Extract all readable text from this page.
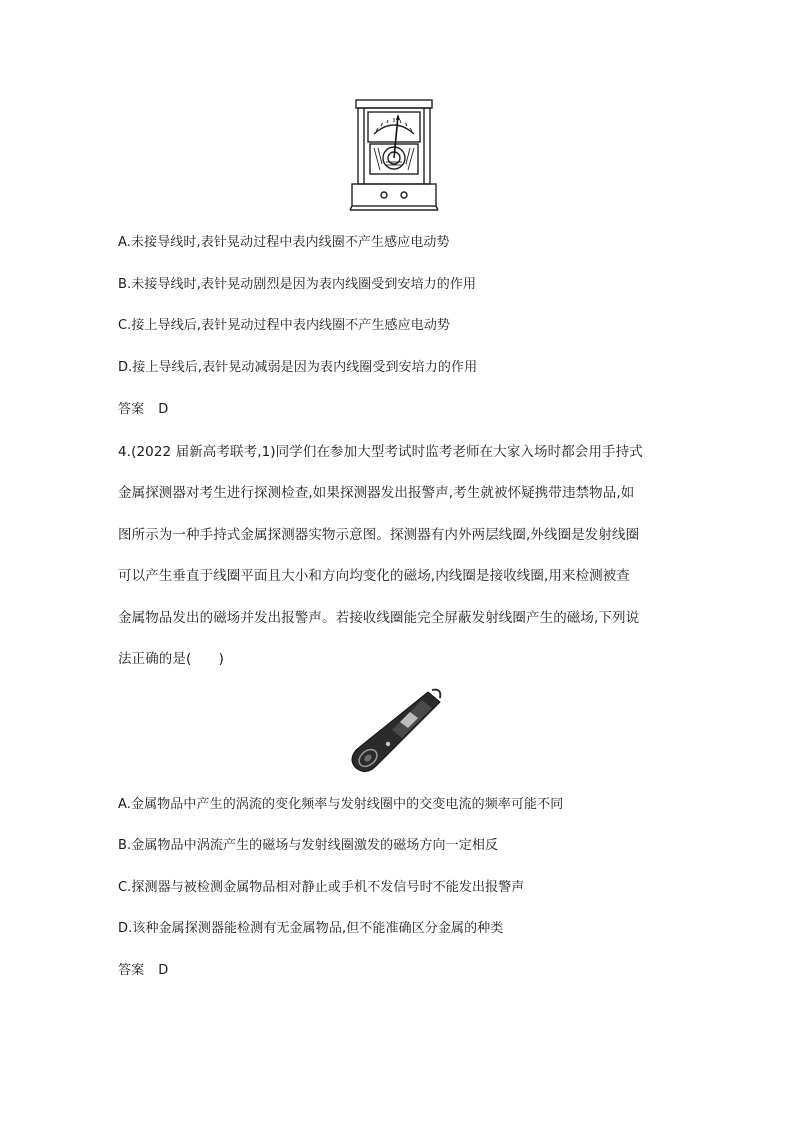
A.未接导线时,表针晃动过程中表内线圈不产生感应电动势
B.未接导线时,表针晃动剧烈是因为表内线圈受到安培力的作用
C.接上导线后,表针晃动过程中表内线圈不产生感应电动势
D.接上导线后,表针晃动减弱是因为表内线圈受到安培力的作用
答案 D
4.(2022 届新高考联考,1)同学们在参加大型考试时监考老师在大家入场时都会用手持式
金属探测器对考生进行探测检查,如果探测器发出报警声,考生就被怀疑携带违禁物品,如
图所示为一种手持式金属探测器实物示意图。探测器有内外两层线圈,外线圈是发射线圈
可以产生垂直于线圈平面且大小和方向均变化的磁场,内线圈是接收线圈,用来检测被查
金属物品发出的磁场并发出报警声。若接收线圈能完全屏蔽发射线圈产生的磁场,下列说
法正确的是(　　)
A.金属物品中产生的涡流的变化频率与发射线圈中的交变电流的频率可能不同
B.金属物品中涡流产生的磁场与发射线圈激发的磁场方向一定相反
C.探测器与被检测金属物品相对静止或手机不发信号时不能发出报警声
D.该种金属探测器能检测有无金属物品,但不能准确区分金属的种类
答案 D
